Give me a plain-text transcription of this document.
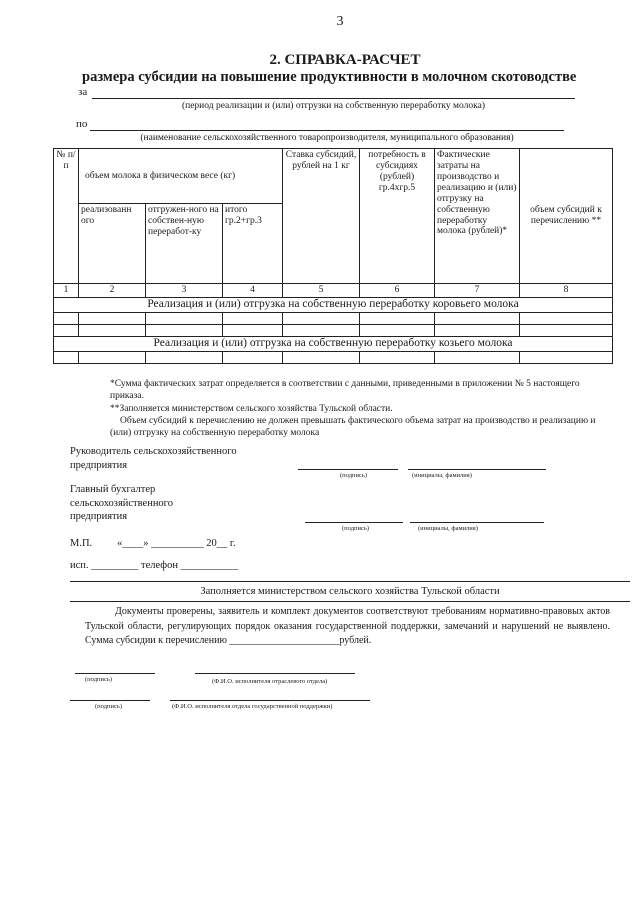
3
2. СПРАВКА-РАСЧЕТ
размера субсидии на повышение продуктивности в молочном скотоводстве
за
(период реализации и (или) отгрузки на собственную переработку молока)
по
(наименование сельскохозяйственного товаропроизводителя, муниципального образования)
№ п/ п	объем молока в физическом весе (кг)			Ставка субсидий, рублей на 1 кг	потребность в субсидиях (рублей) гр.4хгр.5	Фактические затраты на производство и реализацию и (или) отгрузку на собственную переработку молока (рублей)*	объем субсидий к перечислению **
	реализованн ого	отгружен-ного на собствен-ную переработ-ку	итого гр.2+гр.3				
1	2	3	4	5	6	7	8
Реализация и (или) отгрузка на собственную переработку коровьего молока							

Реализация и (или) отгрузка на собственную переработку козьего молока							

*Сумма фактических затрат определяется в соответствии с данными, приведенными в приложении № 5 настоящего приказа.
**Заполняется министерством сельского хозяйства Тульской области.
Объем субсидий к перечислению не должен превышать фактического объема затрат на производство и реализацию и (или) отгрузку на собственную переработку молока
Руководитель сельскохозяйственного предприятия
(подпись)	(инициалы, фамилия)
Главный бухгалтер сельскохозяйственного предприятия
(подпись)	(инициалы, фамилия)
М.П. «____» __________ 20__ г.
исп. _________ телефон ___________
Заполняется министерством сельского хозяйства Тульской области
Документы проверены, заявитель и комплект документов соответствуют требованиям нормативно-правовых актов Тульской области, регулирующих порядок оказания государственной поддержки, замечаний и нарушений не выявлено. Сумма субсидии к перечислению ______________________рублей.
(подпись)	(Ф.И.О. исполнителя отраслевого отдела)
(подпись)	(Ф.И.О. исполнителя отдела государственной поддержки)
